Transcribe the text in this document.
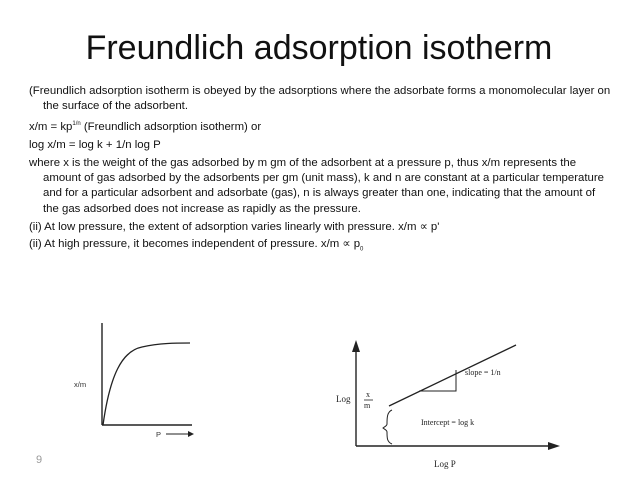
Freundlich adsorption isotherm

(Freundlich adsorption isotherm is obeyed by the adsorptions where the adsorbate forms a monomolecular layer on the surface of the adsorbent.

$x/m = kp^{1/n}$ (Freundlich adsorption isotherm) or

log x/m = log k + 1/n log P

where x is the weight of the gas adsorbed by m gm of the adsorbent at a pressure p, thus x/m represents the amount of gas adsorbed by the adsorbents per gm (unit mass), k and n are constant at a particular temperature and for a particular adsorbent and adsorbate (gas), n is always greater than one, indicating that the amount of the gas adsorbed does not increase as rapidly as the pressure.

(ii) At low pressure, the extent of adsorption varies linearly with pressure. x/m ∝ p'

(ii) At high pressure, it becomes independent of pressure. $x/m \propto p_0$

x/m
P
Log x
m
slope = 1/n
Intercept = log k
Log P
9
